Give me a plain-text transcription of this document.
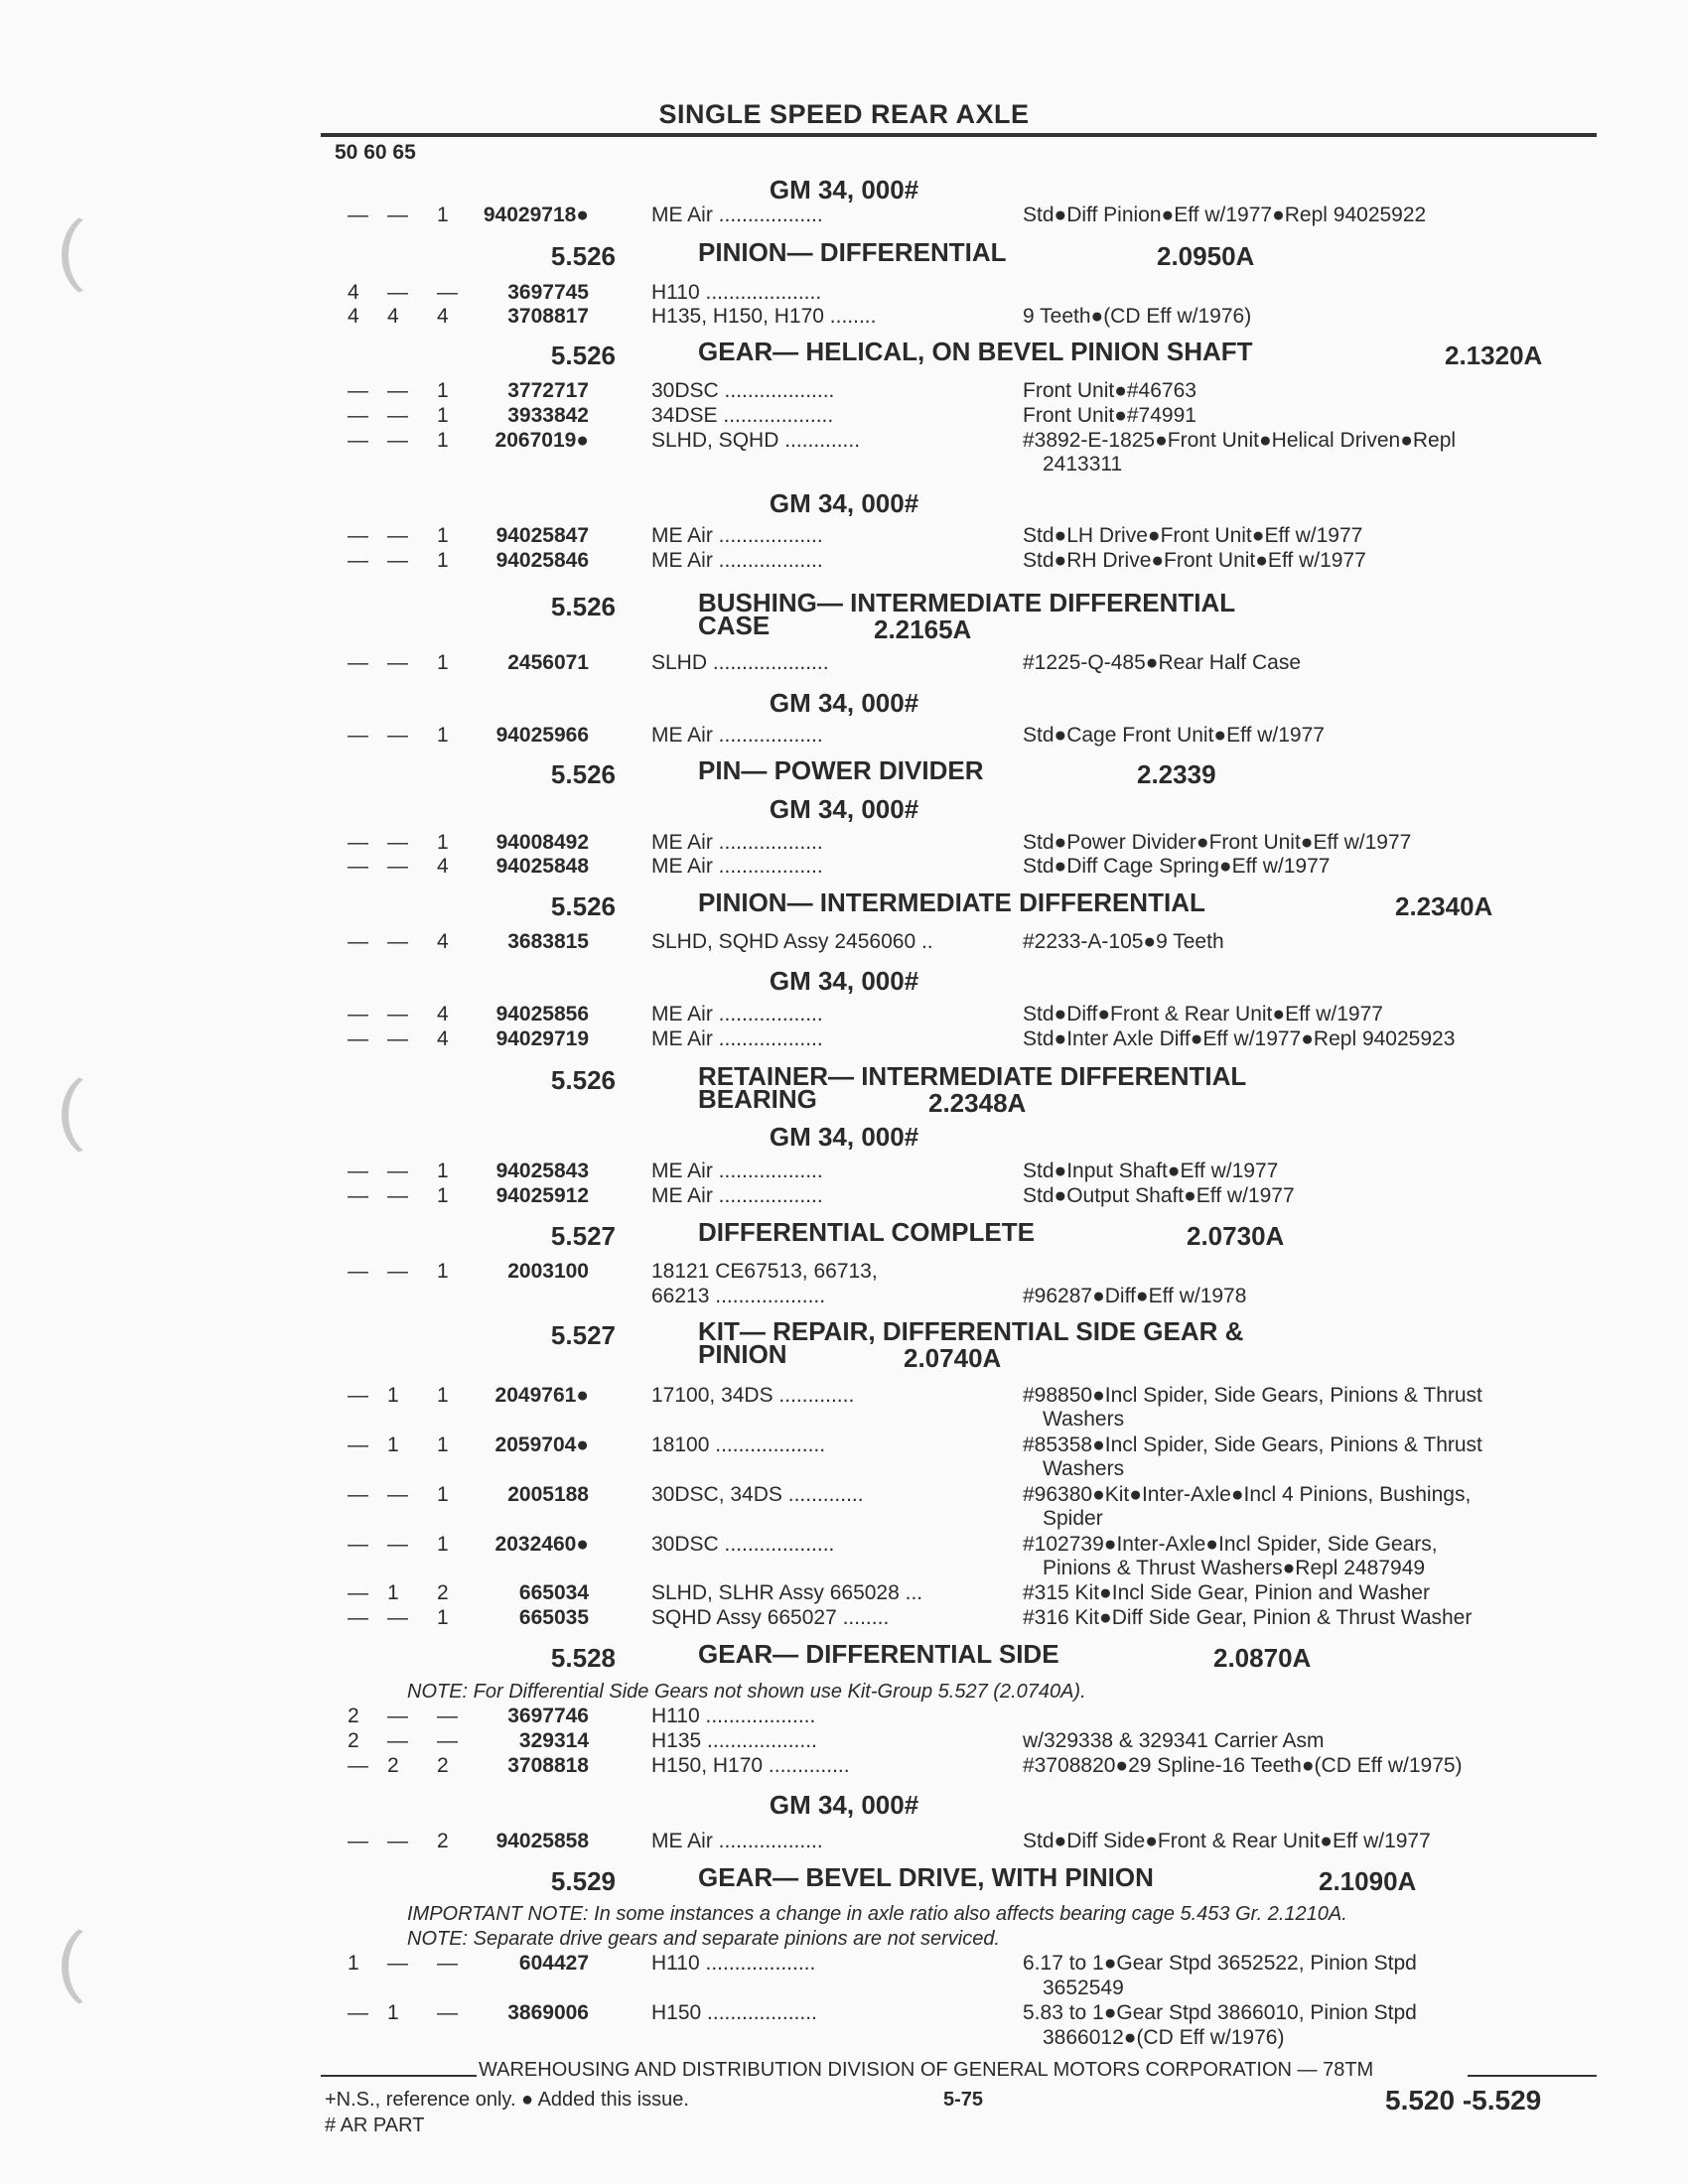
SINGLE SPEED REAR AXLE
50 60 65
GM 34, 000#
— — 1	94029718●	ME Air ..................	Std●Diff Pinion●Eff w/1977●Repl 94025922
5.526	PINION— DIFFERENTIAL	2.0950A
4 — —	3697745	H110 ....................
4 4 4	3708817	H135, H150, H170 ........	9 Teeth●(CD Eff w/1976)
5.526	GEAR— HELICAL, ON BEVEL PINION SHAFT	2.1320A
— — 1	3772717	30DSC ...................	Front Unit●#46763
— — 1	3933842	34DSE ...................	Front Unit●#74991
— — 1	2067019●	SLHD, SQHD .............	#3892-E-1825●Front Unit●Helical Driven●Repl
2413311
GM 34, 000#
— — 1	94025847	ME Air ..................	Std●LH Drive●Front Unit●Eff w/1977
— — 1	94025846	ME Air ..................	Std●RH Drive●Front Unit●Eff w/1977
5.526	BUSHING— INTERMEDIATE DIFFERENTIAL
CASE	2.2165A
— — 1	2456071	SLHD ....................	#1225-Q-485●Rear Half Case
GM 34, 000#
— — 1	94025966	ME Air ..................	Std●Cage Front Unit●Eff w/1977
5.526	PIN— POWER DIVIDER	2.2339
GM 34, 000#
— — 1	94008492	ME Air ..................	Std●Power Divider●Front Unit●Eff w/1977
— — 4	94025848	ME Air ..................	Std●Diff Cage Spring●Eff w/1977
5.526	PINION— INTERMEDIATE DIFFERENTIAL	2.2340A
— — 4	3683815	SLHD, SQHD Assy 2456060 ..	#2233-A-105●9 Teeth
GM 34, 000#
— — 4	94025856	ME Air ..................	Std●Diff●Front & Rear Unit●Eff w/1977
— — 4	94029719	ME Air ..................	Std●Inter Axle Diff●Eff w/1977●Repl 94025923
5.526	RETAINER— INTERMEDIATE DIFFERENTIAL
BEARING	2.2348A
GM 34, 000#
— — 1	94025843	ME Air ..................	Std●Input Shaft●Eff w/1977
— — 1	94025912	ME Air ..................	Std●Output Shaft●Eff w/1977
5.527	DIFFERENTIAL COMPLETE	2.0730A
— — 1	2003100	18121 CE67513, 66713,
66213 ...................	#96287●Diff●Eff w/1978
5.527	KIT— REPAIR, DIFFERENTIAL SIDE GEAR &
PINION	2.0740A
— 1 1	2049761●	17100, 34DS .............	#98850●Incl Spider, Side Gears, Pinions & Thrust
Washers
— 1 1	2059704●	18100 ...................	#85358●Incl Spider, Side Gears, Pinions & Thrust
Washers
— — 1	2005188	30DSC, 34DS .............	#96380●Kit●Inter-Axle●Incl 4 Pinions, Bushings,
Spider
— — 1	2032460●	30DSC ...................	#102739●Inter-Axle●Incl Spider, Side Gears,
Pinions & Thrust Washers●Repl 2487949
— 1 2	665034	SLHD, SLHR Assy 665028 ...	#315 Kit●Incl Side Gear, Pinion and Washer
— — 1	665035	SQHD Assy 665027 ........	#316 Kit●Diff Side Gear, Pinion & Thrust Washer
5.528	GEAR— DIFFERENTIAL SIDE	2.0870A
NOTE: For Differential Side Gears not shown use Kit-Group 5.527 (2.0740A).
2 — —	3697746	H110 ...................
2 — —	329314	H135 ...................	w/329338 & 329341 Carrier Asm
— 2 2	3708818	H150, H170 ..............	#3708820●29 Spline-16 Teeth●(CD Eff w/1975)
GM 34, 000#
— — 2	94025858	ME Air ..................	Std●Diff Side●Front & Rear Unit●Eff w/1977
5.529	GEAR— BEVEL DRIVE, WITH PINION	2.1090A
IMPORTANT NOTE: In some instances a change in axle ratio also affects bearing cage 5.453 Gr. 2.1210A.
NOTE: Separate drive gears and separate pinions are not serviced.
1 — —	604427	H110 ...................	6.17 to 1●Gear Stpd 3652522, Pinion Stpd
3652549
— 1 —	3869006	H150 ...................	5.83 to 1●Gear Stpd 3866010, Pinion Stpd
3866012●(CD Eff w/1976)
WAREHOUSING AND DISTRIBUTION DIVISION OF GENERAL MOTORS CORPORATION — 78TM
+N.S., reference only. ● Added this issue.
# AR PART
5-75	5.520 -5.529
